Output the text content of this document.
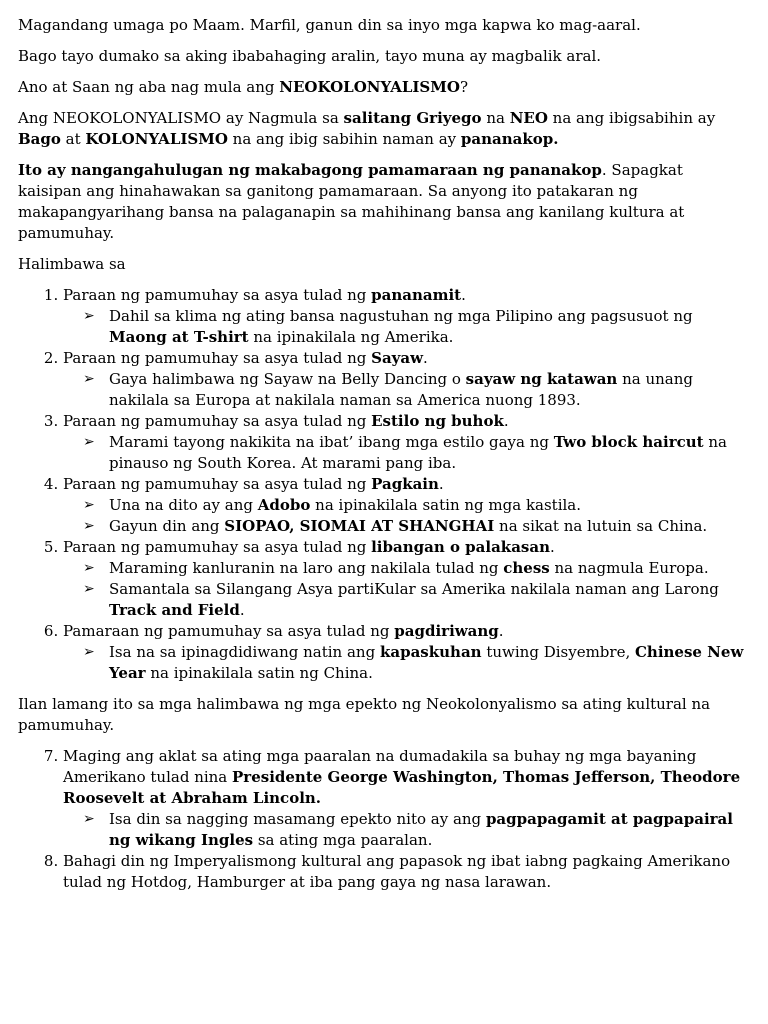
Magandang umaga po Maam. Marfil, ganun din sa inyo mga kapwa ko mag-aaral.

Bago tayo dumako sa aking ibabahaging aralin, tayo muna ay magbalik aral.

Ano at Saan ng aba nag mula ang NEOKOLONYALISMO?

Ang NEOKOLONYALISMO ay Nagmula sa salitang Griyego na NEO na ang ibigsabihin ay Bago at KOLONYALISMO na ang ibig sabihin naman ay pananakop.

Ito ay nangangahulugan ng makabagong pamamaraan ng pananakop. Sapagkat kaisipan ang hinahawakan sa ganitong pamamaraan. Sa anyong ito patakaran ng makapangyarihang bansa na palaganapin sa mahihinang bansa ang kanilang kultura at pamumuhay.

Halimbawa sa

1. Paraan ng pamumuhay sa asya tulad ng pananamit.
➢ Dahil sa klima ng ating bansa nagustuhan ng mga Pilipino ang pagsusuot ng Maong at T-shirt na ipinakilala ng Amerika.
2. Paraan ng pamumuhay sa asya tulad ng Sayaw.
➢ Gaya halimbawa ng Sayaw na Belly Dancing o sayaw ng katawan na unang nakilala sa Europa at nakilala naman sa America nuong 1893.
3. Paraan ng pamumuhay sa asya tulad ng Estilo ng buhok.
➢ Marami tayong nakikita na ibat’ ibang mga estilo gaya ng Two block haircut na pinauso ng South Korea. At marami pang iba.
4. Paraan ng pamumuhay sa asya tulad ng Pagkain.
➢ Una na dito ay ang Adobo na ipinakilala satin ng mga kastila.
➢ Gayun din ang SIOPAO, SIOMAI AT SHANGHAI na sikat na lutuin sa China.
5. Paraan ng pamumuhay sa asya tulad ng libangan o palakasan.
➢ Maraming kanluranin na laro ang nakilala tulad ng chess na nagmula Europa.
➢ Samantala sa Silangang Asya partiKular sa Amerika nakilala naman ang Larong Track and Field.
6. Pamaraan ng pamumuhay sa asya tulad ng pagdiriwang.
➢ Isa na sa ipinagdidiwang natin ang kapaskuhan tuwing Disyembre, Chinese New Year na ipinakilala satin ng China.

Ilan lamang ito sa mga halimbawa ng mga epekto ng Neokolonyalismo sa ating kultural na pamumuhay.

7. Maging ang aklat sa ating mga paaralan na dumadakila sa buhay ng mga bayaning Amerikano tulad nina Presidente George Washington, Thomas Jefferson, Theodore Roosevelt at Abraham Lincoln.
➢ Isa din sa nagging masamang epekto nito ay ang pagpapagamit at pagpapairal ng wikang Ingles sa ating mga paaralan.
8. Bahagi din ng Imperyalismong kultural ang papasok ng ibat iabng pagkaing Amerikano tulad ng Hotdog, Hamburger at iba pang gaya ng nasa larawan.
